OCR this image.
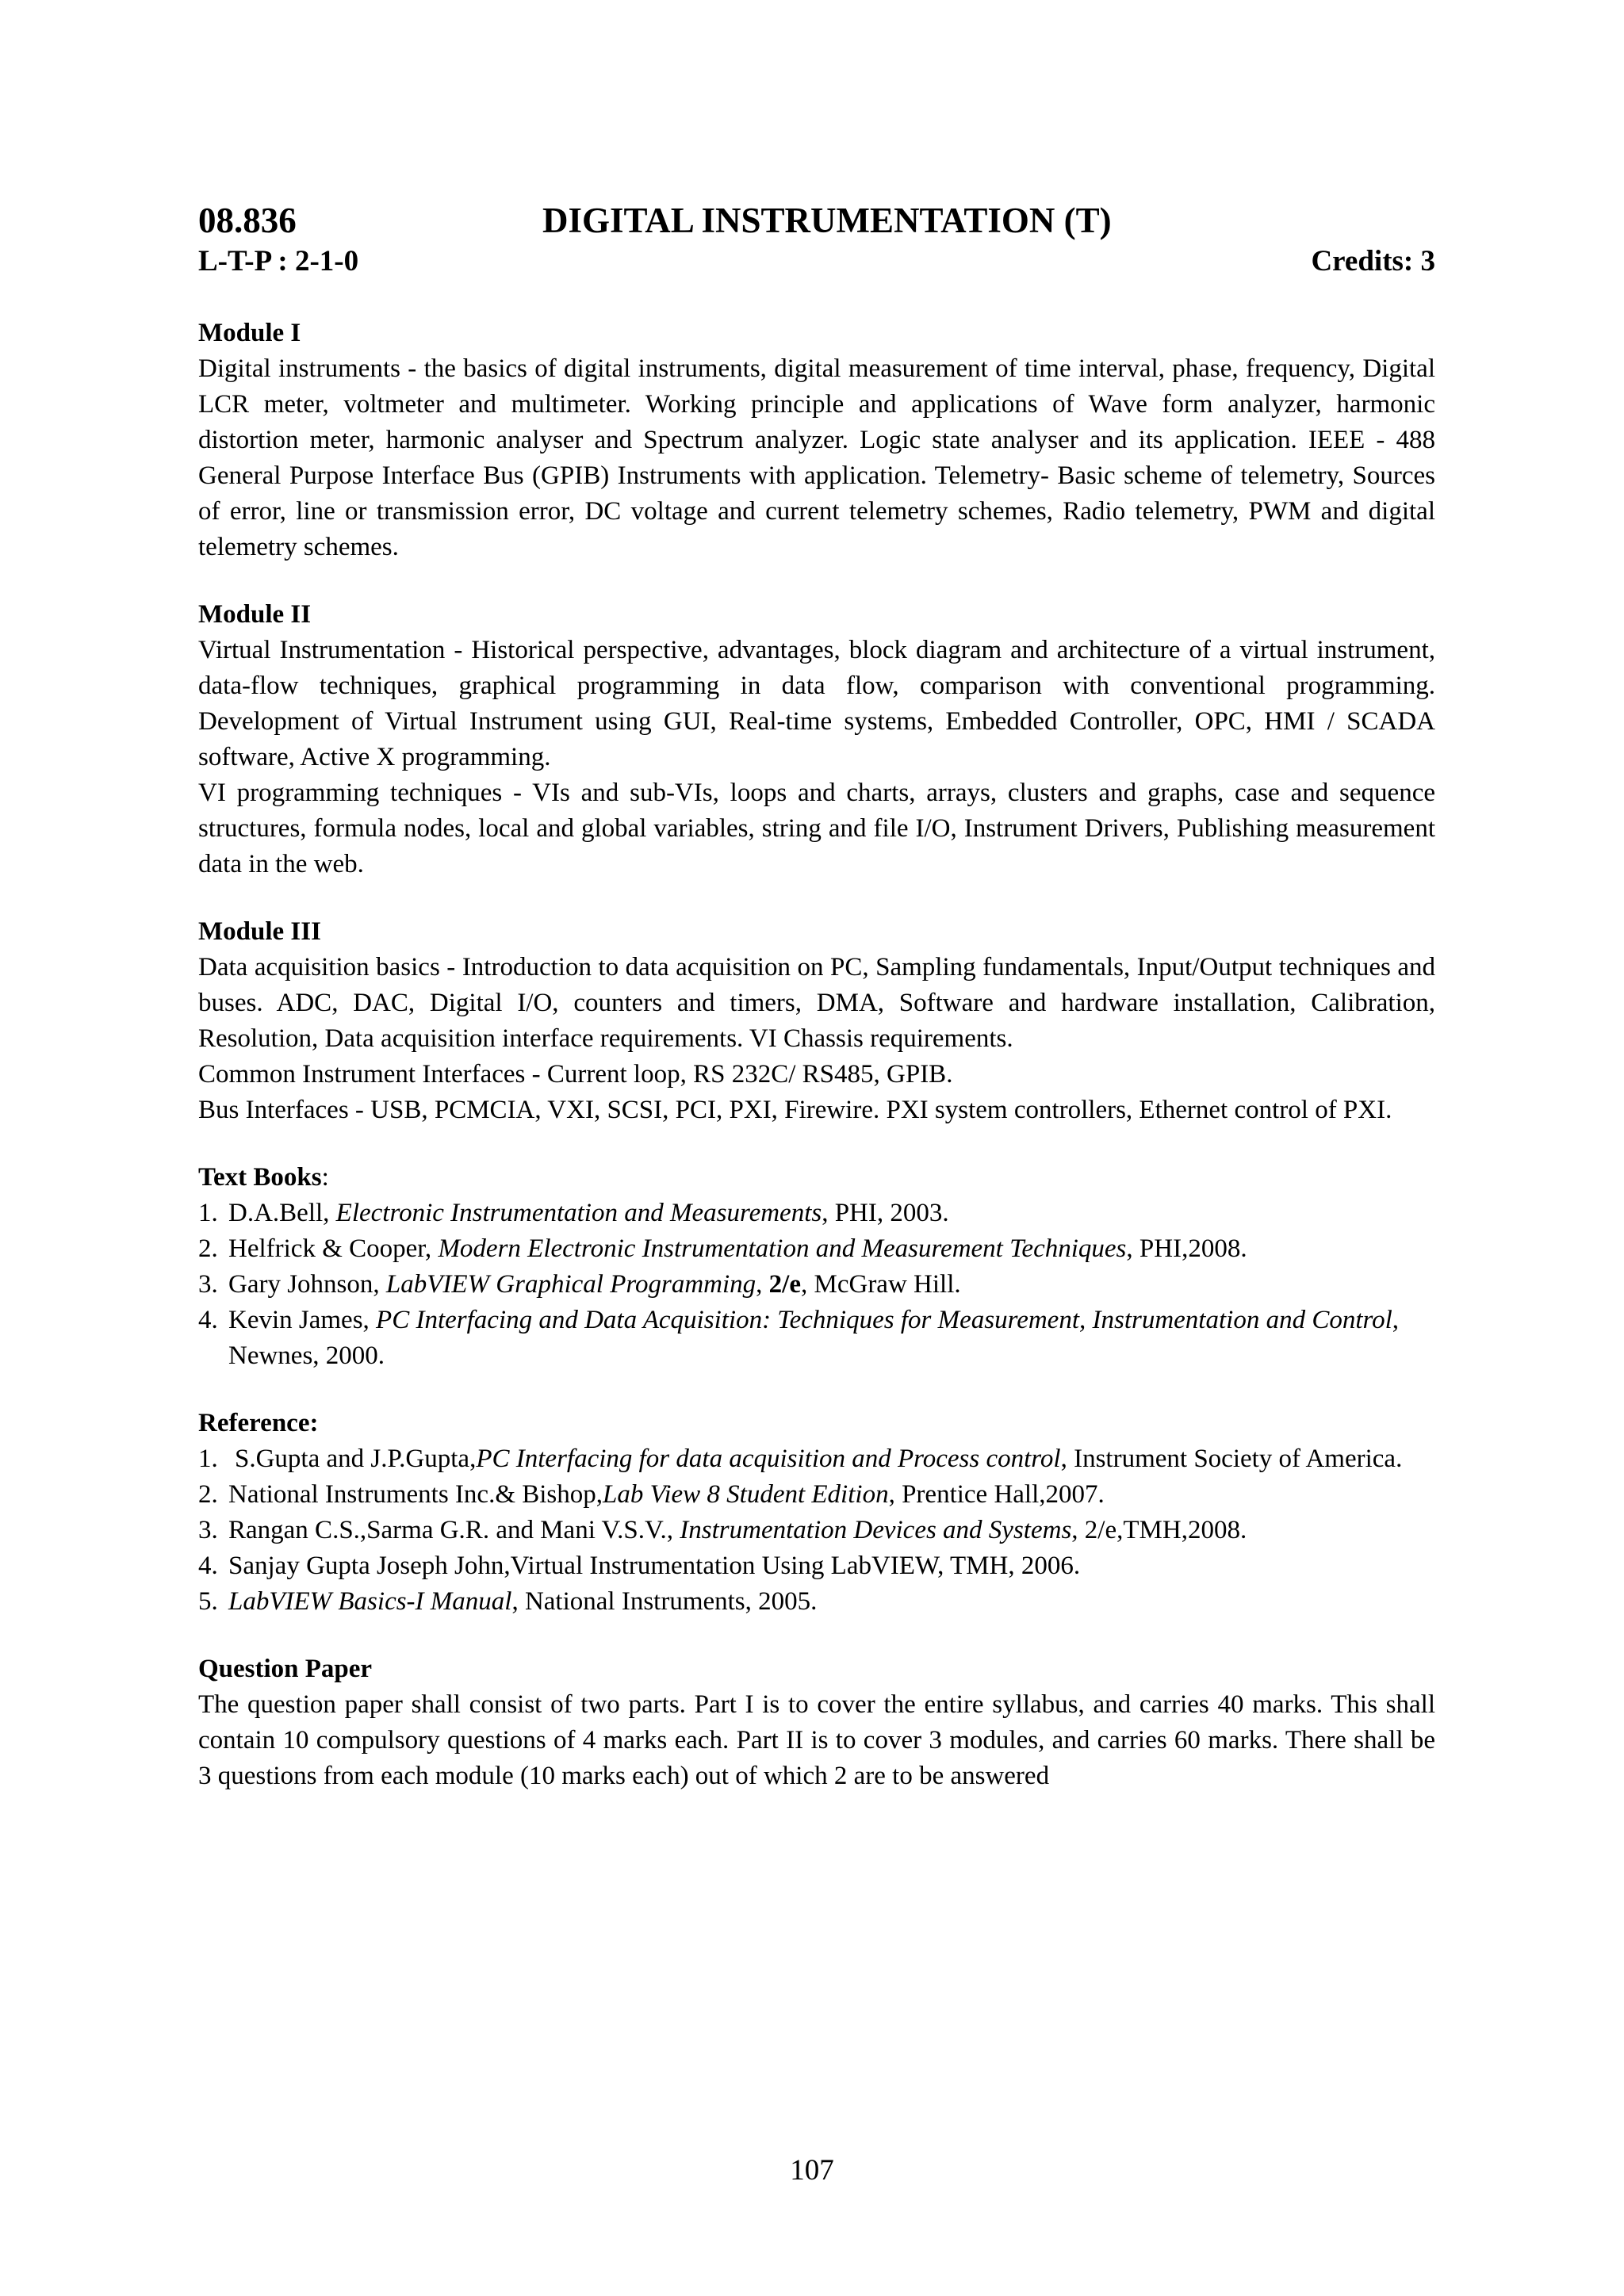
08.836	DIGITAL INSTRUMENTATION (T)
L-T-P : 2-1-0	Credits: 3
Module I

Digital instruments - the basics of digital instruments, digital measurement of time interval, phase, frequency, Digital LCR meter, voltmeter and multimeter. Working principle and applications of Wave form analyzer, harmonic distortion meter, harmonic analyser and Spectrum analyzer. Logic state analyser and its application. IEEE - 488 General Purpose Interface Bus (GPIB) Instruments with application. Telemetry- Basic scheme of telemetry, Sources of error, line or transmission error, DC voltage and current telemetry schemes, Radio telemetry, PWM and digital telemetry schemes.

Module II

Virtual Instrumentation - Historical perspective, advantages, block diagram and architecture of a virtual instrument, data-flow techniques, graphical programming in data flow, comparison with conventional programming. Development of Virtual Instrument using GUI, Real-time systems, Embedded Controller, OPC, HMI / SCADA software, Active X programming.

VI programming techniques - VIs and sub-VIs, loops and charts, arrays, clusters and graphs, case and sequence structures, formula nodes, local and global variables, string and file I/O, Instrument Drivers, Publishing measurement data in the web.

Module III

Data acquisition basics - Introduction to data acquisition on PC, Sampling fundamentals, Input/Output techniques and buses. ADC, DAC, Digital I/O, counters and timers, DMA, Software and hardware installation, Calibration, Resolution, Data acquisition interface requirements. VI Chassis requirements.

Common Instrument Interfaces - Current loop, RS 232C/ RS485, GPIB.

Bus Interfaces - USB, PCMCIA, VXI, SCSI, PCI, PXI, Firewire. PXI system controllers, Ethernet control of PXI.

Text Books:
1. D.A.Bell, Electronic Instrumentation and Measurements, PHI, 2003.
2. Helfrick & Cooper, Modern Electronic Instrumentation and Measurement Techniques, PHI,2008.
3. Gary Johnson, LabVIEW Graphical Programming, 2/e, McGraw Hill.
4. Kevin James, PC Interfacing and Data Acquisition: Techniques for Measurement, Instrumentation and Control, Newnes, 2000.
Reference:
1. S.Gupta and J.P.Gupta,PC Interfacing for data acquisition and Process control, Instrument Society of America.
2. National Instruments Inc.& Bishop,Lab View 8 Student Edition, Prentice Hall,2007.
3. Rangan C.S.,Sarma G.R. and Mani V.S.V., Instrumentation Devices and Systems, 2/e,TMH,2008.
4. Sanjay Gupta Joseph John,Virtual Instrumentation Using LabVIEW, TMH, 2006.
5. LabVIEW Basics-I Manual, National Instruments, 2005.
Question Paper
The question paper shall consist of two parts. Part I is to cover the entire syllabus, and carries 40 marks. This shall contain 10 compulsory questions of 4 marks each. Part II is to cover 3 modules, and carries 60 marks. There shall be 3 questions from each module (10 marks each) out of which 2 are to be answered
107
